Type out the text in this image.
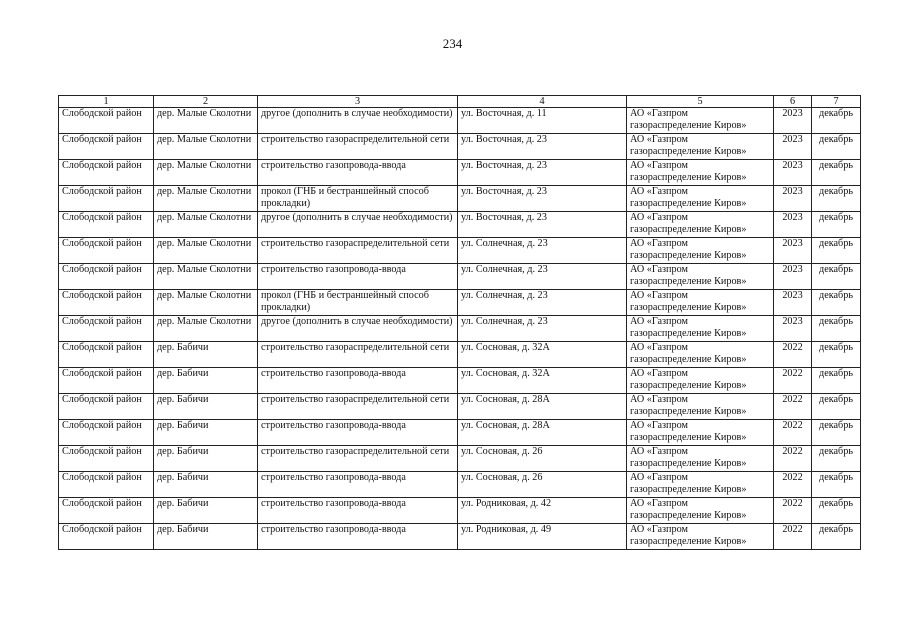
234
1	2	3	4	5	6	7
Слободской район	дер. Малые Сколотни	другое (дополнить в случае необходимости)	ул. Восточная, д. 11	АО «Газпром газораспределение Киров»	2023	декабрь
Слободской район	дер. Малые Сколотни	строительство газораспределительной сети	ул. Восточная, д. 23	АО «Газпром газораспределение Киров»	2023	декабрь
Слободской район	дер. Малые Сколотни	строительство газопровода-ввода	ул. Восточная, д. 23	АО «Газпром газораспределение Киров»	2023	декабрь
Слободской район	дер. Малые Сколотни	прокол (ГНБ и бестраншейный способ прокладки)	ул. Восточная, д. 23	АО «Газпром газораспределение Киров»	2023	декабрь
Слободской район	дер. Малые Сколотни	другое (дополнить в случае необходимости)	ул. Восточная, д. 23	АО «Газпром газораспределение Киров»	2023	декабрь
Слободской район	дер. Малые Сколотни	строительство газораспределительной сети	ул. Солнечная, д. 23	АО «Газпром газораспределение Киров»	2023	декабрь
Слободской район	дер. Малые Сколотни	строительство газопровода-ввода	ул. Солнечная, д. 23	АО «Газпром газораспределение Киров»	2023	декабрь
Слободской район	дер. Малые Сколотни	прокол (ГНБ и бестраншейный способ прокладки)	ул. Солнечная, д. 23	АО «Газпром газораспределение Киров»	2023	декабрь
Слободской район	дер. Малые Сколотни	другое (дополнить в случае необходимости)	ул. Солнечная, д. 23	АО «Газпром газораспределение Киров»	2023	декабрь
Слободской район	дер. Бабичи	строительство газораспределительной сети	ул. Сосновая, д. 32А	АО «Газпром газораспределение Киров»	2022	декабрь
Слободской район	дер. Бабичи	строительство газопровода-ввода	ул. Сосновая, д. 32А	АО «Газпром газораспределение Киров»	2022	декабрь
Слободской район	дер. Бабичи	строительство газораспределительной сети	ул. Сосновая, д. 28А	АО «Газпром газораспределение Киров»	2022	декабрь
Слободской район	дер. Бабичи	строительство газопровода-ввода	ул. Сосновая, д. 28А	АО «Газпром газораспределение Киров»	2022	декабрь
Слободской район	дер. Бабичи	строительство газораспределительной сети	ул. Сосновая, д. 26	АО «Газпром газораспределение Киров»	2022	декабрь
Слободской район	дер. Бабичи	строительство газопровода-ввода	ул. Сосновая, д. 26	АО «Газпром газораспределение Киров»	2022	декабрь
Слободской район	дер. Бабичи	строительство газопровода-ввода	ул. Родниковая, д. 42	АО «Газпром газораспределение Киров»	2022	декабрь
Слободской район	дер. Бабичи	строительство газопровода-ввода	ул. Родниковая, д. 49	АО «Газпром газораспределение Киров»	2022	декабрь
